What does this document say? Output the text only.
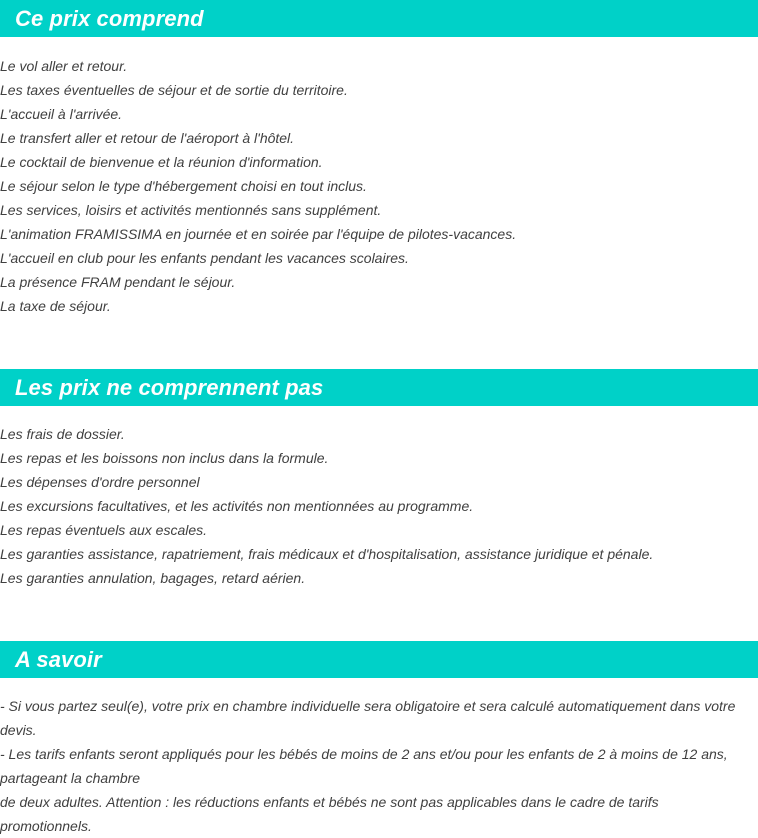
Ce prix comprend
Le vol aller et retour.
Les taxes éventuelles de séjour et de sortie du territoire.
L'accueil à l'arrivée.
Le transfert aller et retour de l'aéroport à l'hôtel.
Le cocktail de bienvenue et la réunion d'information.
Le séjour selon le type d'hébergement choisi en tout inclus.
Les services, loisirs et activités mentionnés sans supplément.
L'animation FRAMISSIMA en journée et en soirée par l'équipe de pilotes-vacances.
L'accueil en club pour les enfants pendant les vacances scolaires.
La présence FRAM pendant le séjour.
La taxe de séjour.
Les prix ne comprennent pas
Les frais de dossier.
Les repas et les boissons non inclus dans la formule.
Les dépenses d'ordre personnel
Les excursions facultatives, et les activités non mentionnées au programme.
Les repas éventuels aux escales.
Les garanties assistance, rapatriement, frais médicaux et d'hospitalisation, assistance juridique et pénale.
Les garanties annulation, bagages, retard aérien.
A savoir

- Si vous partez seul(e), votre prix en chambre individuelle sera obligatoire et sera calculé automatiquement dans votre devis.

- Les tarifs enfants seront appliqués pour les bébés de moins de 2 ans et/ou pour les enfants de 2 à moins de 12 ans, partageant la chambre

de deux adultes. Attention : les réductions enfants et bébés ne sont pas applicables dans le cadre de tarifs promotionnels.
